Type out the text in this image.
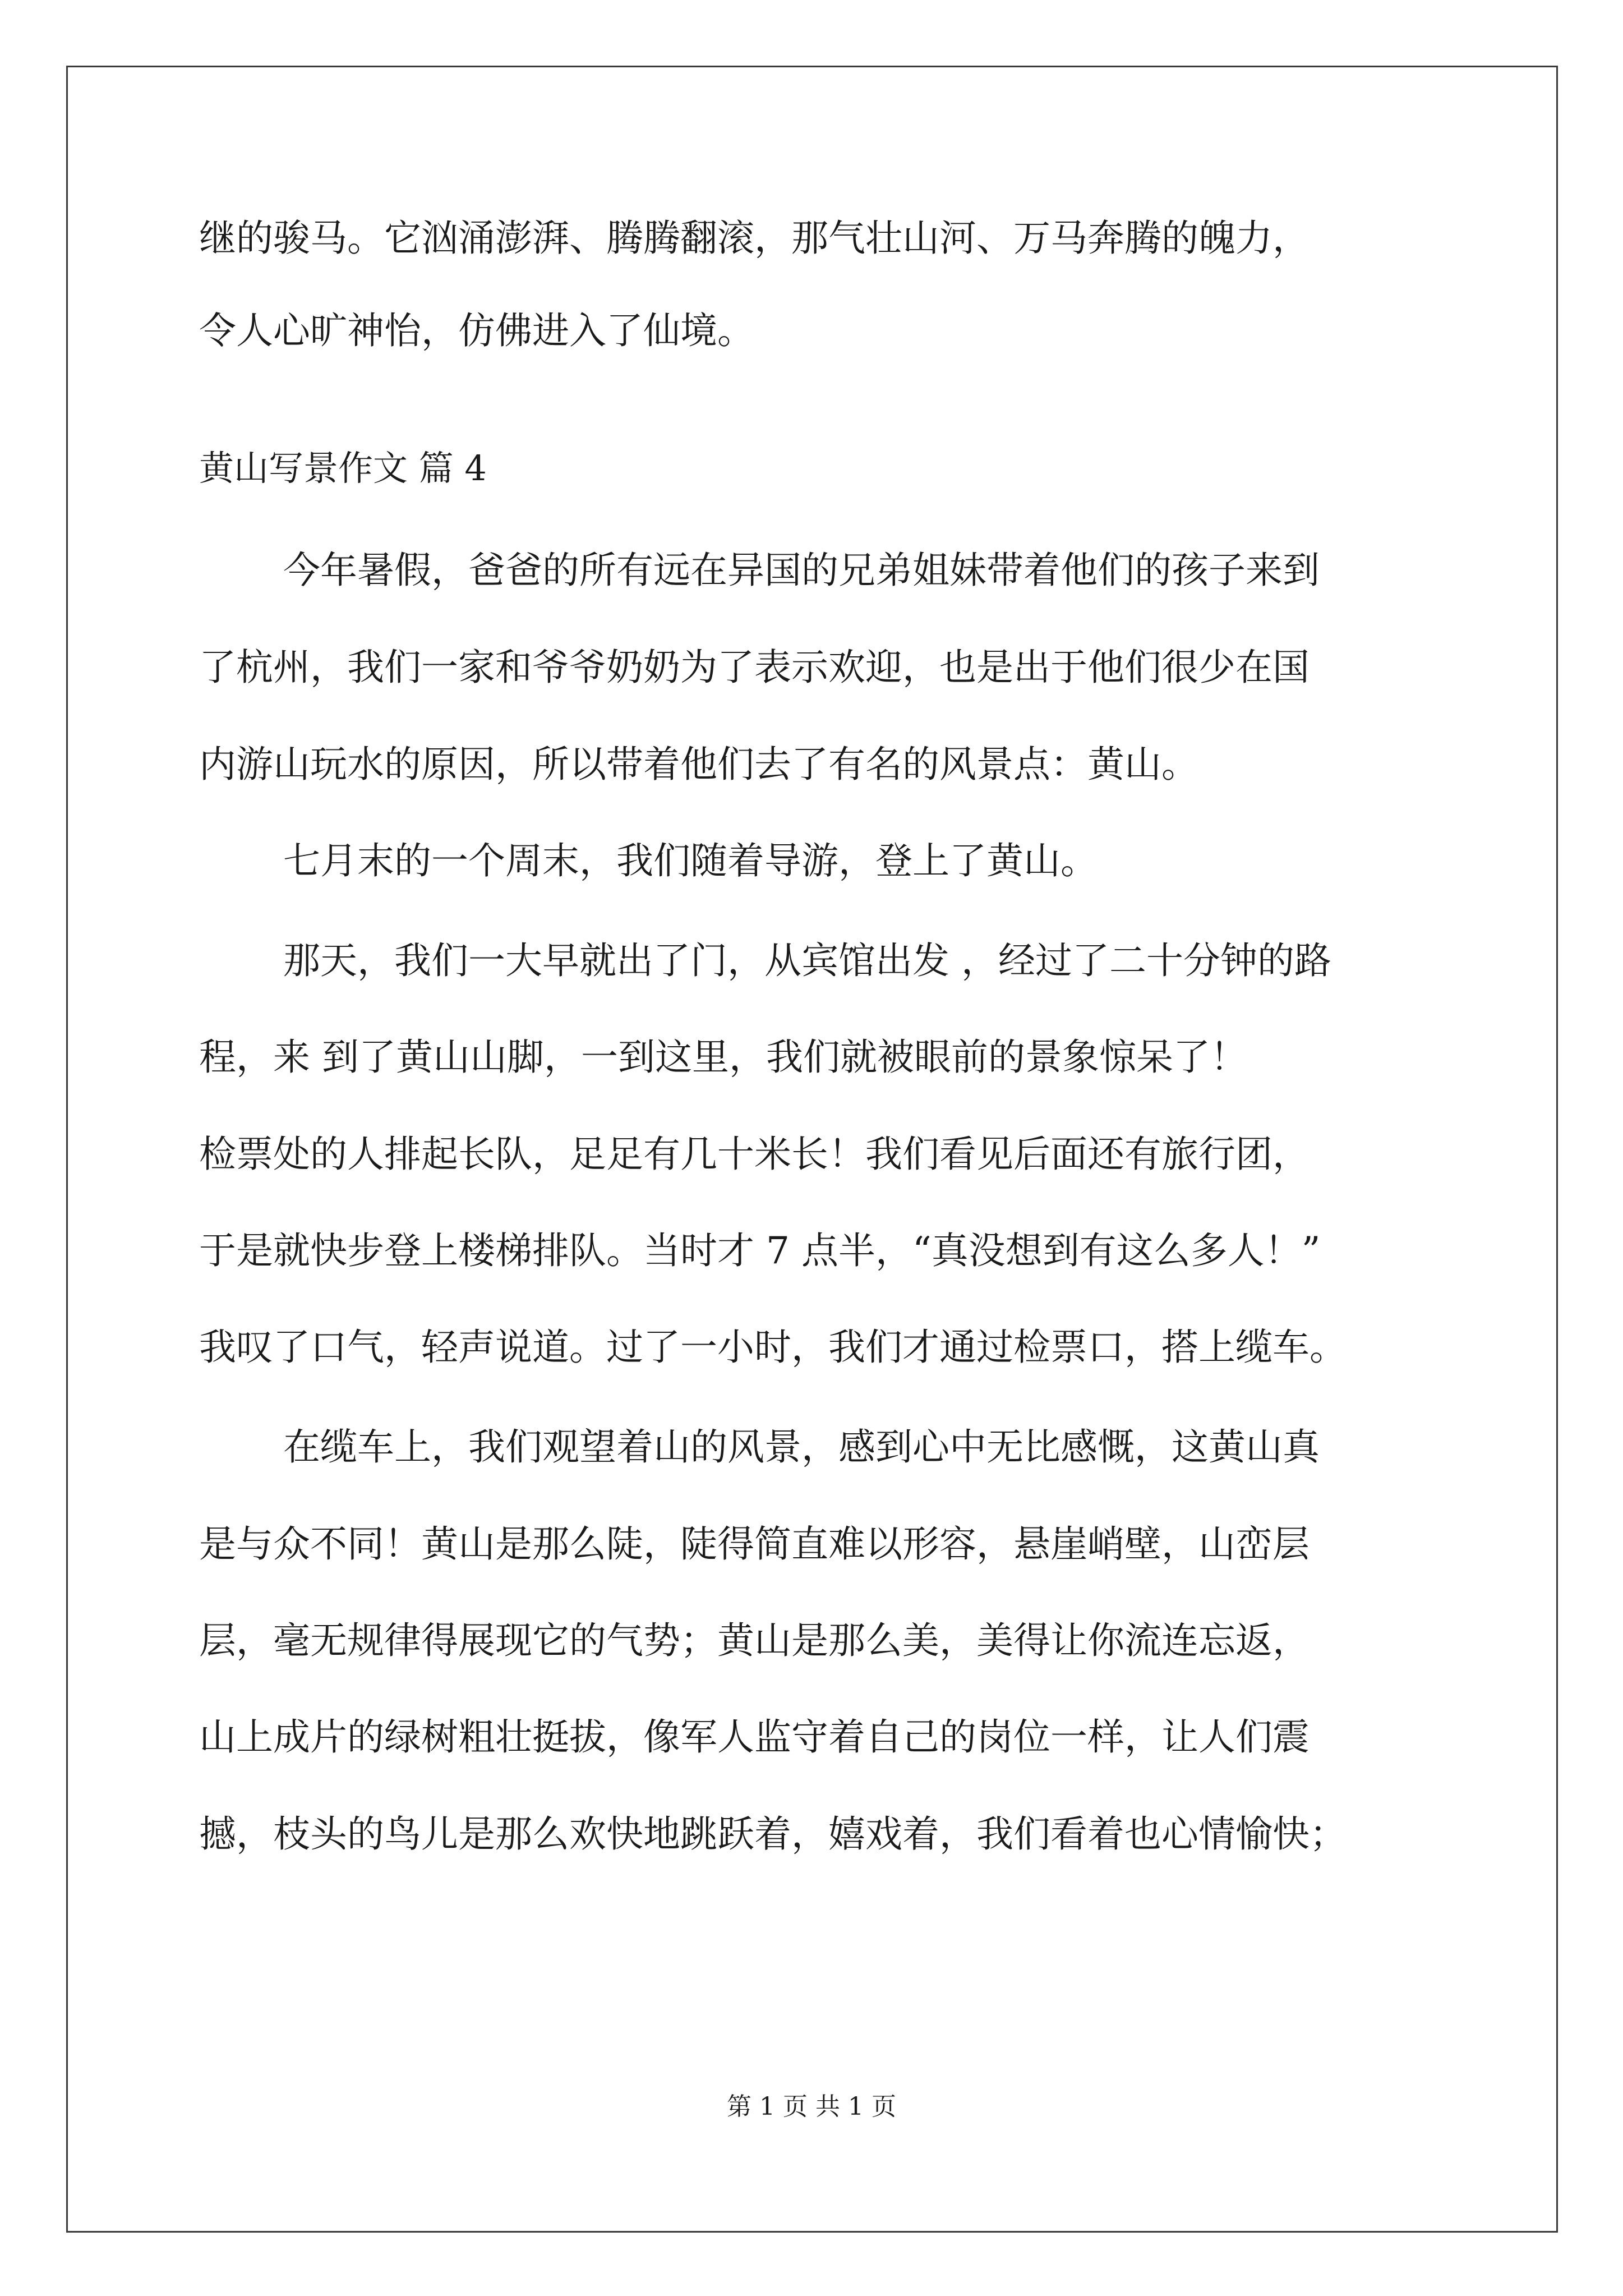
继的骏马。它汹涌澎湃、腾腾翻滚，那气壮山河、万马奔腾的魄力，
令人心旷神怡，仿佛进入了仙境。
黄山写景作文 篇 4
今年暑假，爸爸的所有远在异国的兄弟姐妹带着他们的孩子来到
了杭州，我们一家和爷爷奶奶为了表示欢迎，也是出于他们很少在国
内游山玩水的原因，所以带着他们去了有名的风景点：黄山。
七月末的一个周末，我们随着导游，登上了黄山。
那天，我们一大早就出了门，从宾馆出发 ，经过了二十分钟的路
程，来 到了黄山山脚，一到这里，我们就被眼前的景象惊呆了！
检票处的人排起长队，足足有几十米长！我们看见后面还有旅行团，
于是就快步登上楼梯排队。当时才 7 点半，“真没想到有这么多人！”
我叹了口气，轻声说道。过了一小时，我们才通过检票口，搭上缆车。
在缆车上，我们观望着山的风景，感到心中无比感慨，这黄山真
是与众不同！黄山是那么陡，陡得简直难以形容，悬崖峭壁，山峦层
层，毫无规律得展现它的气势；黄山是那么美，美得让你流连忘返，
山上成片的绿树粗壮挺拔，像军人监守着自己的岗位一样，让人们震
撼，枝头的鸟儿是那么欢快地跳跃着，嬉戏着，我们看着也心情愉快；
第 1 页 共 1 页
